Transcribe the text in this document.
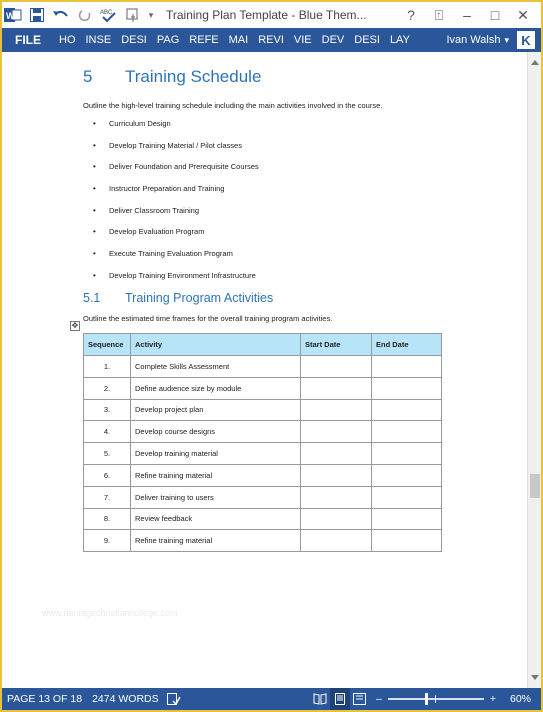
W	ABC	▾ Training Plan Template - Blue Them...	?	⍐	–	□	✕
FILE	HO INSE DESI PAG REFE MAI REVI VIE DEV DESI LAY	Ivan Walsh ▾ K
5	Training Schedule
Outline the high-level training schedule including the main activities involved in the course.
•	Curriculum Design
•	Develop Training Material / Pilot classes
•	Deliver Foundation and Prerequisite Courses
•	Instructor Preparation and Training
•	Deliver Classroom Training
•	Develop Evaluation Program
•	Execute Training Evaluation Program
•	Develop Training Environment Infrastructure
5.1	Training Program Activities
Outline the estimated time frames for the overall training program activities.
✥
Sequence	Activity	Start Date	End Date
1.	Complete Skills Assessment		
2.	Define audience size by module		
3.	Develop project plan		
4.	Develop course designs		
5.	Develop training material		
6.	Refine training material		
7.	Deliver training to users		
8.	Review feedback		
9.	Refine training material		
www.heritagechristiancollege.com
PAGE 13 OF 18 2474 WORDS	–	+	60%
